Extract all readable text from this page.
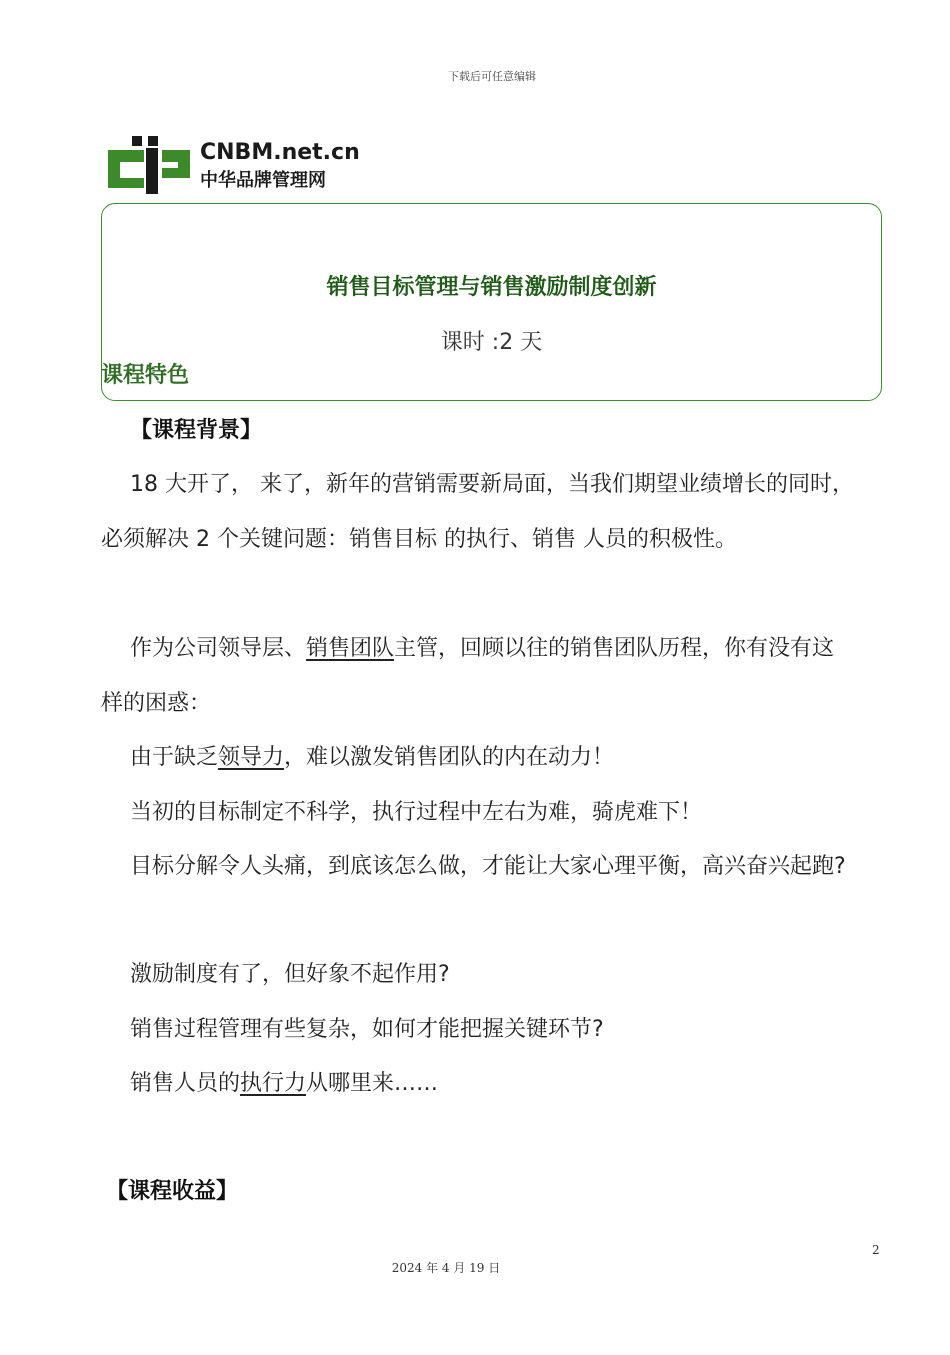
下载后可任意编辑
CNBM.net.cn
中华品牌管理网
销售目标管理与销售激励制度创新
课时 :2 天
课程特色
【课程背景】
18 大开了， 来了，新年的营销需要新局面，当我们期望业绩增长的同时，
必须解决 2 个关键问题：销售目标 的执行、销售 人员的积极性。
作为公司领导层、销售团队主管，回顾以往的销售团队历程，你有没有这
样的困惑：
由于缺乏领导力，难以激发销售团队的内在动力！
当初的目标制定不科学，执行过程中左右为难，骑虎难下！
目标分解令人头痛，到底该怎么做，才能让大家心理平衡，高兴奋兴起跑?
激励制度有了，但好象不起作用?
销售过程管理有些复杂，如何才能把握关键环节?
销售人员的执行力从哪里来……
【课程收益】
2
2024 年 4 月 19 日
